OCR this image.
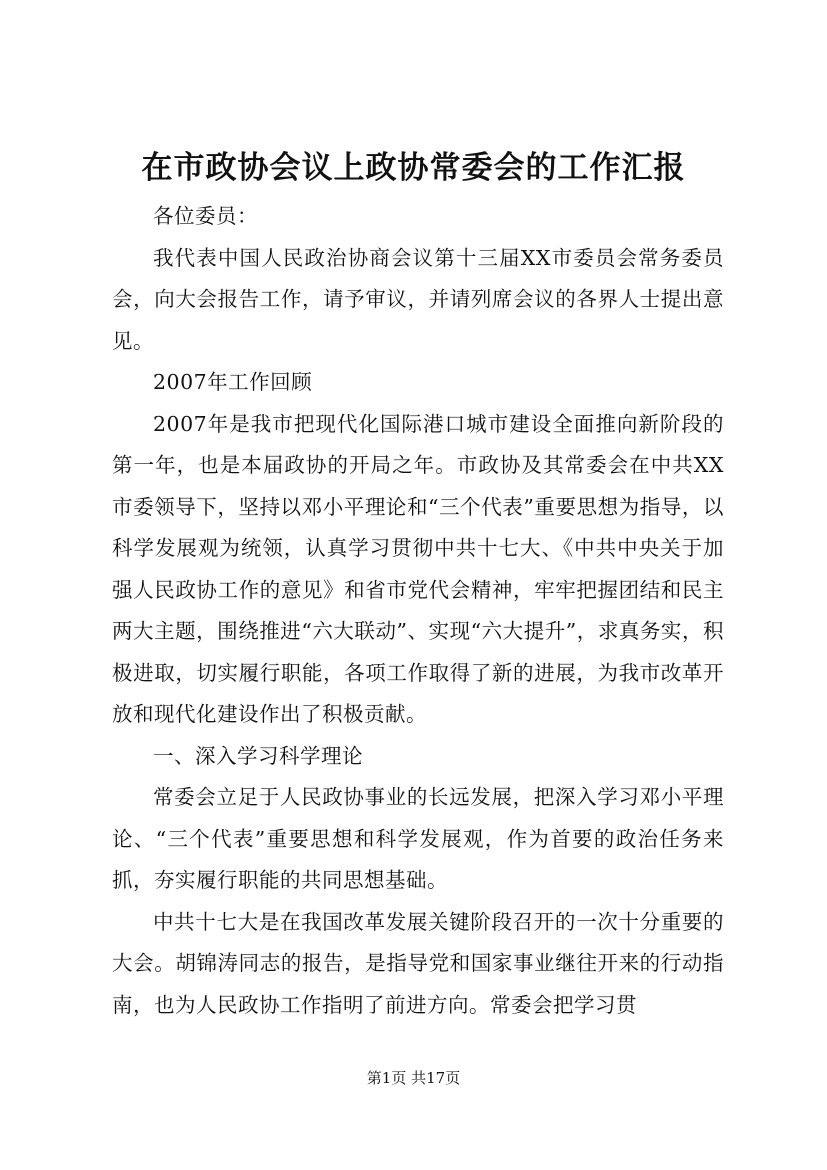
在市政协会议上政协常委会的工作汇报

各位委员：

我代表中国人民政治协商会议第十三届XX市委员会常务委员会，向大会报告工作，请予审议，并请列席会议的各界人士提出意见。

2007年工作回顾

2007年是我市把现代化国际港口城市建设全面推向新阶段的第一年，也是本届政协的开局之年。市政协及其常委会在中共XX市委领导下，坚持以邓小平理论和“三个代表”重要思想为指导，以科学发展观为统领，认真学习贯彻中共十七大、《中共中央关于加强人民政协工作的意见》和省市党代会精神，牢牢把握团结和民主两大主题，围绕推进“六大联动”、实现“六大提升”，求真务实，积极进取，切实履行职能，各项工作取得了新的进展，为我市改革开放和现代化建设作出了积极贡献。

一、深入学习科学理论

常委会立足于人民政协事业的长远发展，把深入学习邓小平理论、“三个代表”重要思想和科学发展观，作为首要的政治任务来抓，夯实履行职能的共同思想基础。

中共十七大是在我国改革发展关键阶段召开的一次十分重要的大会。胡锦涛同志的报告，是指导党和国家事业继往开来的行动指南，也为人民政协工作指明了前进方向。常委会把学习贯

第1页 共17页
